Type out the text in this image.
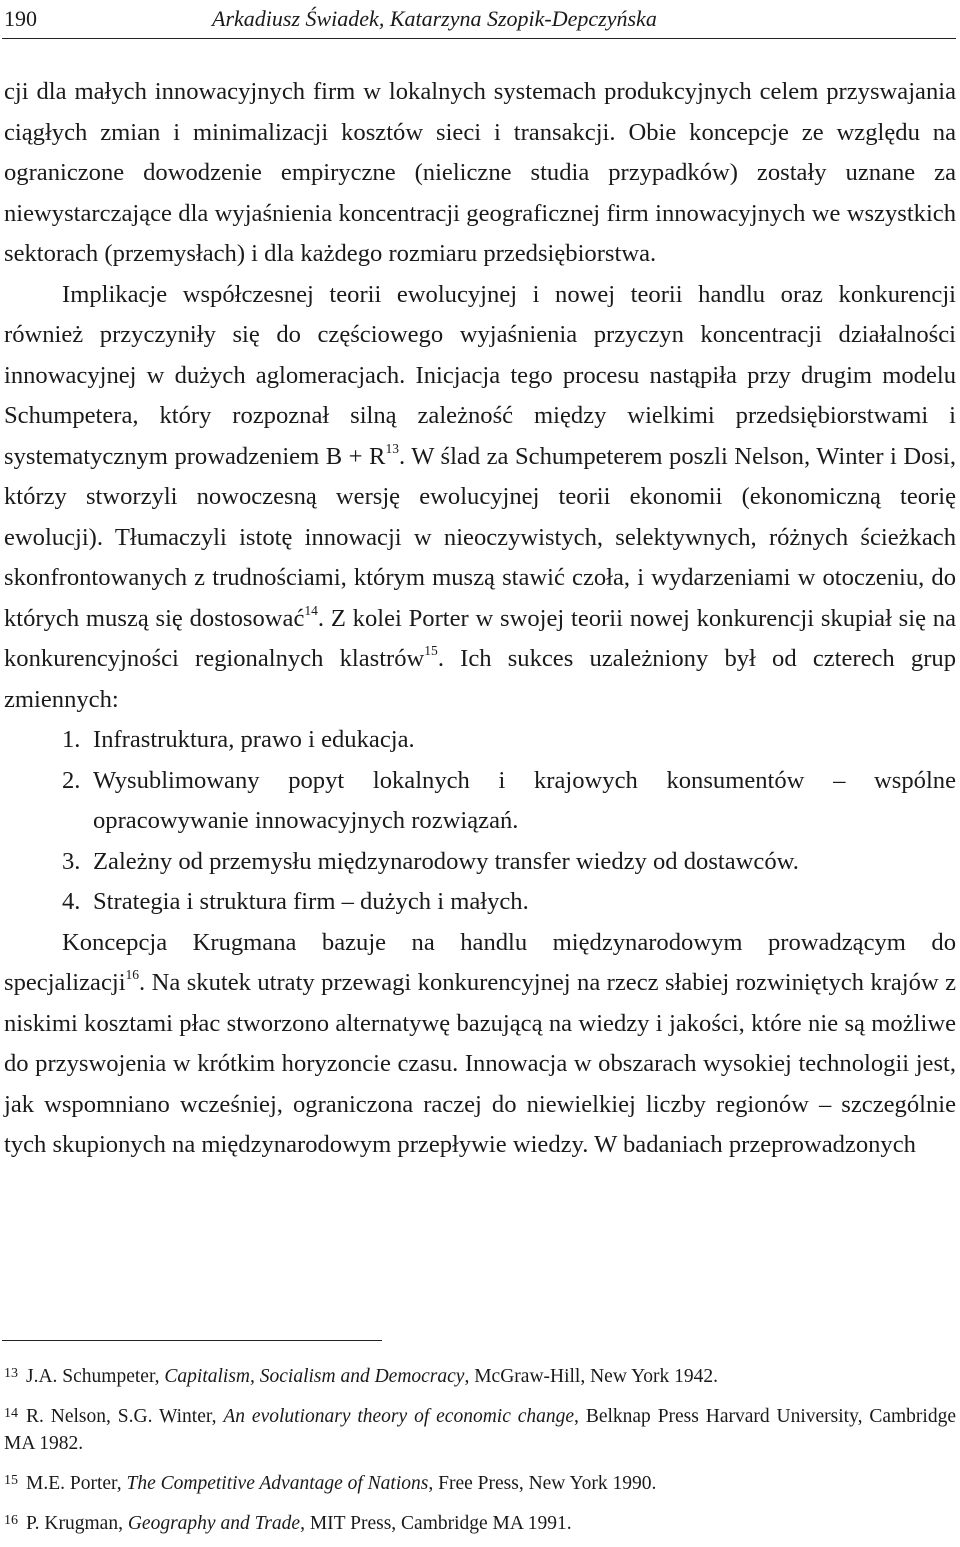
190	Arkadiusz Świadek, Katarzyna Szopik-Depczyńska

cji dla małych innowacyjnych firm w lokalnych systemach produkcyjnych celem przyswajania ciągłych zmian i minimalizacji kosztów sieci i transakcji. Obie koncepcje ze względu na ograniczone dowodzenie empiryczne (nieliczne studia przypadków) zostały uznane za niewystarczające dla wyjaśnienia koncentracji geograficznej firm innowacyjnych we wszystkich sektorach (przemysłach) i dla każdego rozmiaru przedsiębiorstwa.

Implikacje współczesnej teorii ewolucyjnej i nowej teorii handlu oraz konkurencji również przyczyniły się do częściowego wyjaśnienia przyczyn koncentracji działalności innowacyjnej w dużych aglomeracjach. Inicjacja tego procesu nastąpiła przy drugim modelu Schumpetera, który rozpoznał silną zależność między wielkimi przedsiębiorstwami i systematycznym prowadzeniem $B + R^{13}$. W ślad za Schumpeterem poszli Nelson, Winter i Dosi, którzy stworzyli nowoczesną wersję ewolucyjnej teorii ekonomii (ekonomiczną teorię ewolucji). Tłumaczyli istotę innowacji w nieoczywistych, selektywnych, różnych ścieżkach skonfrontowanych z trudnościami, którym muszą stawić czoła, i wydarzeniami w otoczeniu, do których muszą się dostosować$^{14}$. Z kolei Porter w swojej teorii nowej konkurencji skupiał się na konkurencyjności regionalnych klastrów$^{15}$. Ich sukces uzależniony był od czterech grup zmiennych:

1. Infrastruktura, prawo i edukacja.
2. Wysublimowany popyt lokalnych i krajowych konsumentów – wspólne opracowywanie innowacyjnych rozwiązań.
3. Zależny od przemysłu międzynarodowy transfer wiedzy od dostawców.
4. Strategia i struktura firm – dużych i małych.

Koncepcja Krugmana bazuje na handlu międzynarodowym prowadzącym do specjalizacji$^{16}$. Na skutek utraty przewagi konkurencyjnej na rzecz słabiej rozwiniętych krajów z niskimi kosztami płac stworzono alternatywę bazującą na wiedzy i jakości, które nie są możliwe do przyswojenia w krótkim horyzoncie czasu. Innowacja w obszarach wysokiej technologii jest, jak wspomniano wcześniej, ograniczona raczej do niewielkiej liczby regionów – szczególnie tych skupionych na międzynarodowym przepływie wiedzy. W badaniach przeprowadzonych

13 J.A. Schumpeter, Capitalism, Socialism and Democracy, McGraw-Hill, New York 1942.

14 R. Nelson, S.G. Winter, An evolutionary theory of economic change, Belknap Press Harvard University, Cambridge MA 1982.

15 M.E. Porter, The Competitive Advantage of Nations, Free Press, New York 1990.

16 P. Krugman, Geography and Trade, MIT Press, Cambridge MA 1991.
